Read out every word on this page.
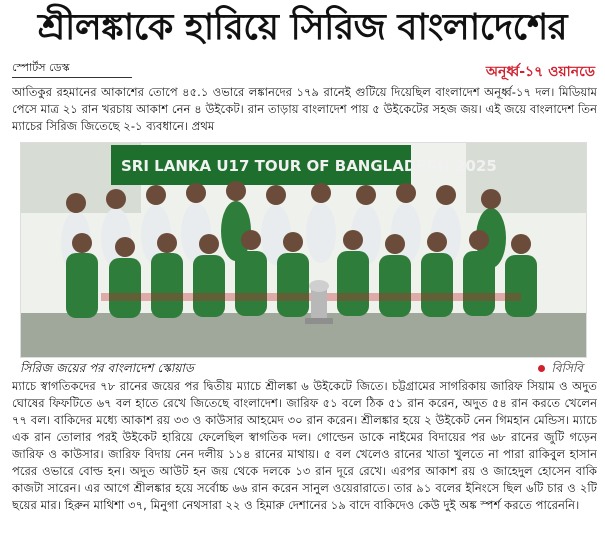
শ্রীলঙ্কাকে হারিয়ে সিরিজ বাংলাদেশের
স্পোর্টস ডেস্ক	অনূর্ধ্ব-১৭ ওয়ানডে
আতিকুর রহমানের আকাশের তোপে ৪৫.১ ওভারে লঙ্কানদের ১৭৯ রানেই গুটিয়ে দিয়েছিল বাংলাদেশ অনূর্ধ্ব-১৭ দল। মিডিয়াম পেসে মাত্র ২১ রান খরচায় আকাশ নেন ৪ উইকেট। রান তাড়ায় বাংলাদেশ পায় ৫ উইকেটের সহজ জয়। এই জয়ে বাংলাদেশ তিন ম্যাচের সিরিজ জিতেছে ২-১ ব্যবধানে। প্রথম
SRI LANKA U17 TOUR OF BANGLADESH 2025
সিরিজ জয়ের পর বাংলাদেশ স্কোয়াড	বিসিবি
ম্যাচে স্বাগতিকদের ৭৮ রানের জয়ের পর দ্বিতীয় ম্যাচে শ্রীলঙ্কা ৬ উইকেটে জিতে। চট্টগ্রামের সাগরিকায় জারিফ সিয়াম ও অদুত ঘোষের ফিফটিতে ৬৭ বল হাতে রেখে জিতেছে বাংলাদেশ। জারিফ ৫১ বলে ঠিক ৫১ রান করেন, অদুত ৫৪ রান করতে খেলেন ৭৭ বল। বাকিদের মধ্যে আকাশ রয় ৩৩ ও কাউসার আহমেদ ৩০ রান করেন। শ্রীলঙ্কার হয়ে ২ উইকেট নেন গিমহান মেন্ডিস। ম্যাচে এক রান তোলার পরই উইকেট হারিয়ে ফেলেছিল স্বাগতিক দল। গোল্ডেন ডাকে নাইমের বিদায়ের পর ৬৮ রানের জুটি গড়েন জারিফ ও কাউসার। জারিফ বিদায় নেন দলীয় ১১৪ রানের মাথায়। ৫ বল খেলেও রানের খাতা খুলতে না পারা রাকিবুল হাসান পরের ওভারে বোল্ড হন। অদুত আউট হন জয় থেকে দলকে ১৩ রান দূরে রেখে। এরপর আকাশ রয় ও জাহেদুল হোসেন বাকি কাজটা সারেন। এর আগে শ্রীলঙ্কার হয়ে সর্বোচ্চ ৬৬ রান করেন সানুল ওয়েরারাতে। তার ৯১ বলের ইনিংসে ছিল ৬টি চার ও ২টি ছয়ের মার। হিরুন মাথিশা ৩৭, মিনুগা নেথসারা ২২ ও হিমারু দেশানের ১৯ বাদে বাকিদেও কেউ দুই অঙ্ক স্পর্শ করতে পারেননি।
